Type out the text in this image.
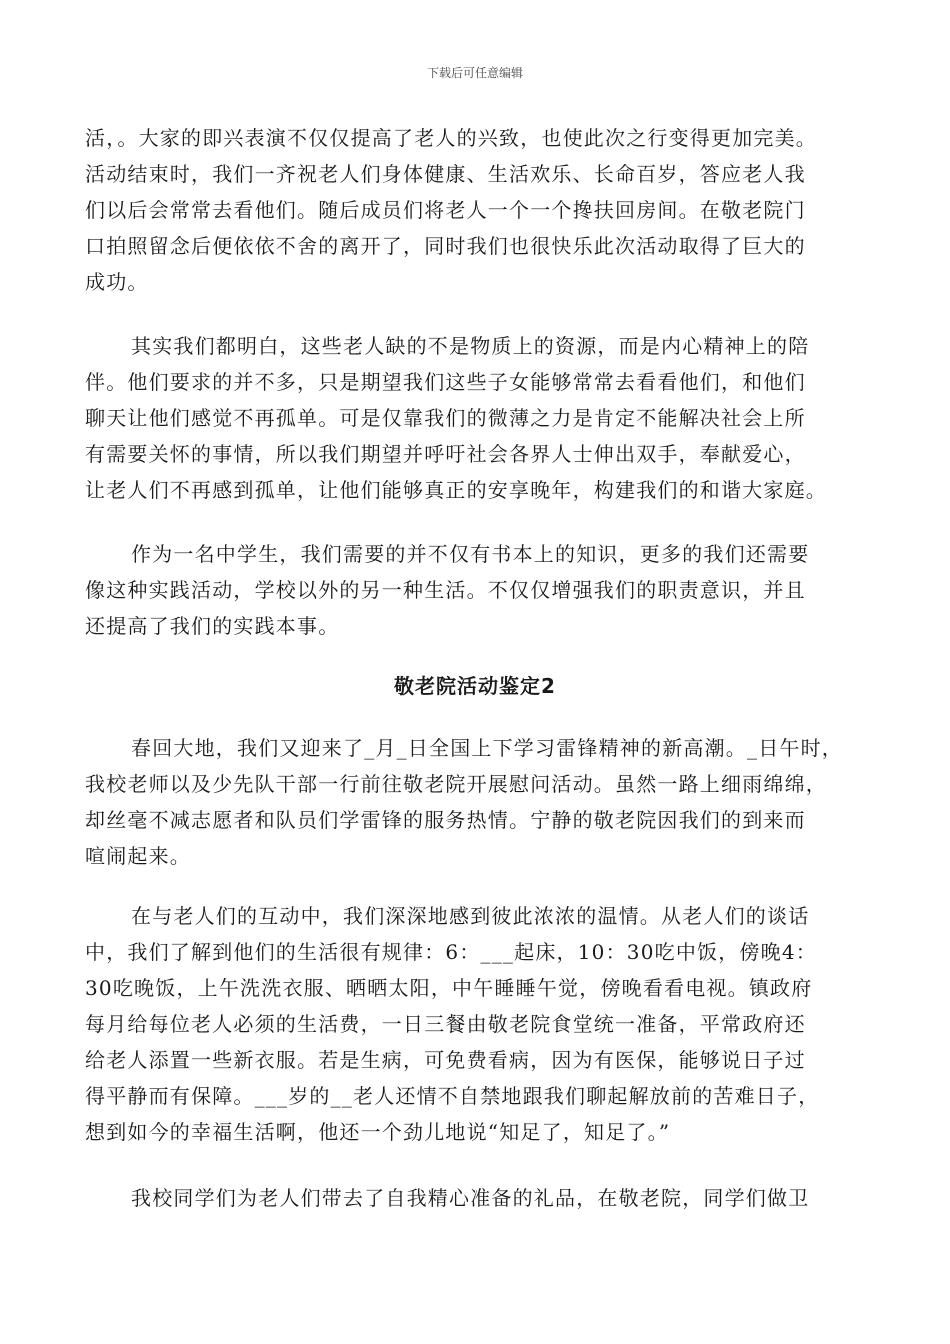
下载后可任意编辑
活，。大家的即兴表演不仅仅提高了老人的兴致，也使此次之行变得更加完美。
活动结束时，我们一齐祝老人们身体健康、生活欢乐、长命百岁，答应老人我
们以后会常常去看他们。随后成员们将老人一个一个搀扶回房间。在敬老院门
口拍照留念后便依依不舍的离开了，同时我们也很快乐此次活动取得了巨大的
成功。
其实我们都明白，这些老人缺的不是物质上的资源，而是内心精神上的陪
伴。他们要求的并不多，只是期望我们这些子女能够常常去看看他们，和他们
聊天让他们感觉不再孤单。可是仅靠我们的微薄之力是肯定不能解决社会上所
有需要关怀的事情，所以我们期望并呼吁社会各界人士伸出双手，奉献爱心，
让老人们不再感到孤单，让他们能够真正的安享晚年，构建我们的和谐大家庭。
作为一名中学生，我们需要的并不仅有书本上的知识，更多的我们还需要
像这种实践活动，学校以外的另一种生活。不仅仅增强我们的职责意识，并且
还提高了我们的实践本事。
敬老院活动鉴定2
春回大地，我们又迎来了_月_日全国上下学习雷锋精神的新高潮。_日午时，
我校老师以及少先队干部一行前往敬老院开展慰问活动。虽然一路上细雨绵绵，
却丝毫不减志愿者和队员们学雷锋的服务热情。宁静的敬老院因我们的到来而
喧闹起来。
在与老人们的互动中，我们深深地感到彼此浓浓的温情。从老人们的谈话
中，我们了解到他们的生活很有规律：6：___起床，10：30吃中饭，傍晚4：
30吃晚饭，上午洗洗衣服、晒晒太阳，中午睡睡午觉，傍晚看看电视。镇政府
每月给每位老人必须的生活费，一日三餐由敬老院食堂统一准备，平常政府还
给老人添置一些新衣服。若是生病，可免费看病，因为有医保，能够说日子过
得平静而有保障。___岁的__老人还情不自禁地跟我们聊起解放前的苦难日子，
想到如今的幸福生活啊，他还一个劲儿地说“知足了，知足了。”
我校同学们为老人们带去了自我精心准备的礼品，在敬老院，同学们做卫
